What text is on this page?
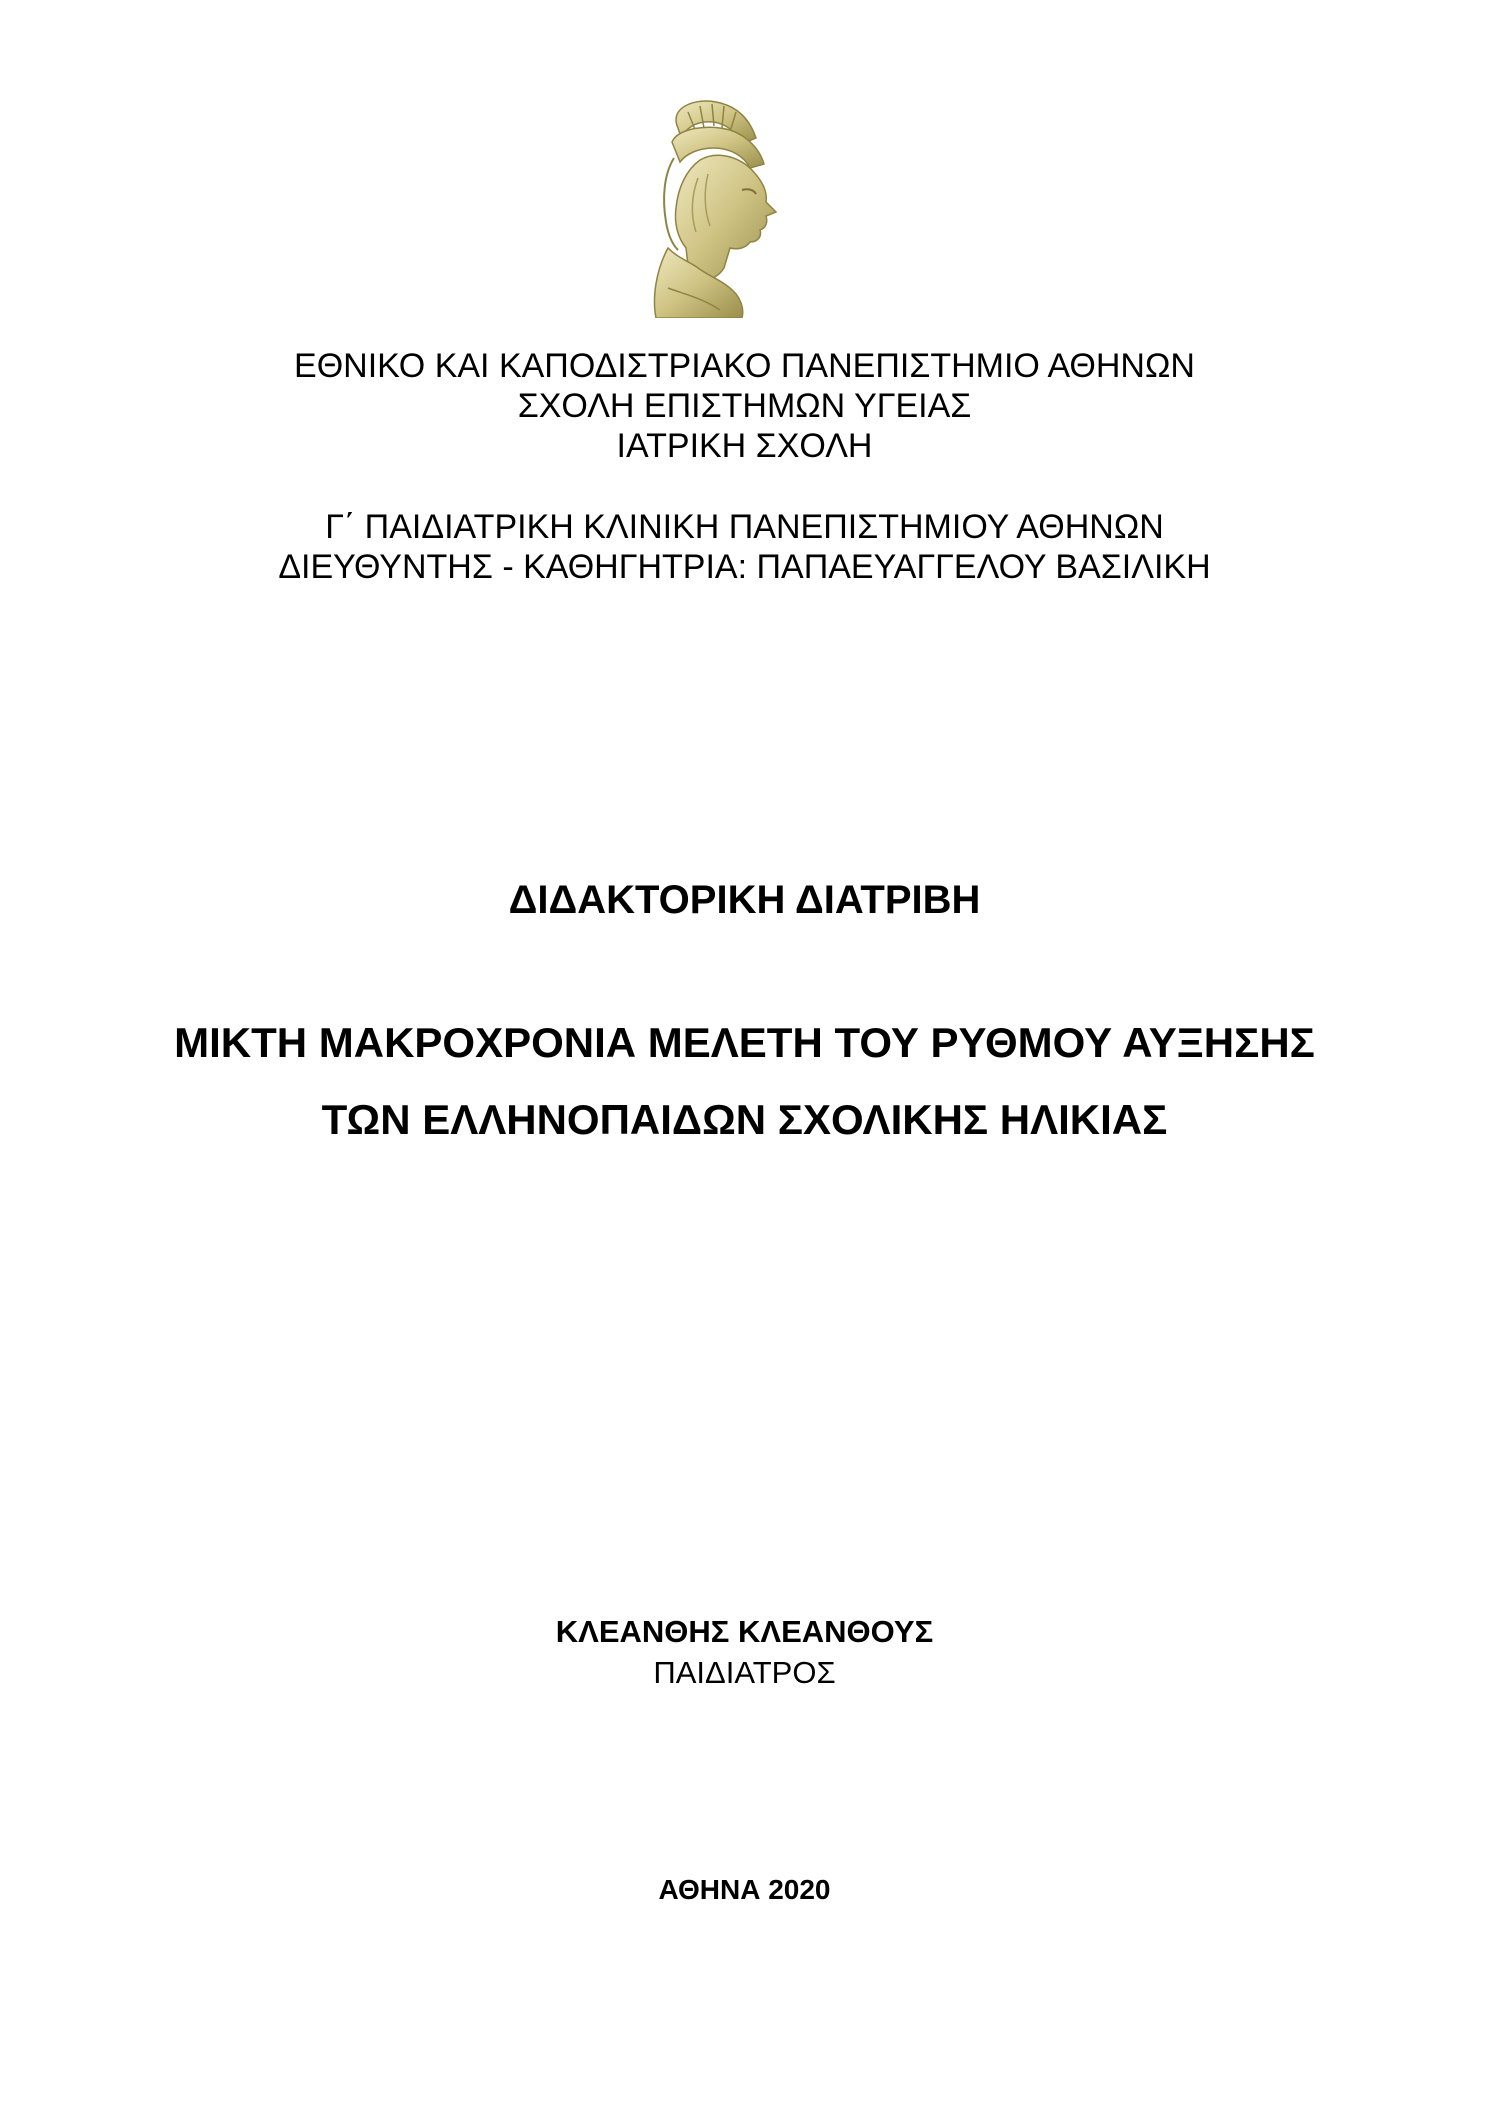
ΕΘΝΙΚΟ ΚΑΙ ΚΑΠΟΔΙΣΤΡΙΑΚΟ ΠΑΝΕΠΙΣΤΗΜΙΟ ΑΘΗΝΩΝ
ΣΧΟΛΗ ΕΠΙΣΤΗΜΩΝ ΥΓΕΙΑΣ
ΙΑΤΡΙΚΗ ΣΧΟΛΗ
Γ΄ ΠΑΙΔΙΑΤΡΙΚΗ ΚΛΙΝΙΚΗ ΠΑΝΕΠΙΣΤΗΜΙΟΥ ΑΘΗΝΩΝ
ΔΙΕΥΘΥΝΤΗΣ - ΚΑΘΗΓΗΤΡΙΑ: ΠΑΠΑΕΥΑΓΓΕΛΟΥ ΒΑΣΙΛΙΚΗ
ΔΙΔΑΚΤΟΡΙΚΗ ΔΙΑΤΡΙΒΗ
ΜΙΚΤΗ ΜΑΚΡΟΧΡΟΝΙΑ ΜΕΛΕΤΗ ΤΟΥ ΡΥΘΜΟΥ ΑΥΞΗΣΗΣ
ΤΩΝ ΕΛΛΗΝΟΠΑΙΔΩΝ ΣΧΟΛΙΚΗΣ ΗΛΙΚΙΑΣ
ΚΛΕΑΝΘΗΣ ΚΛΕΑΝΘΟΥΣ
ΠΑΙΔΙΑΤΡΟΣ
ΑΘΗΝΑ 2020
